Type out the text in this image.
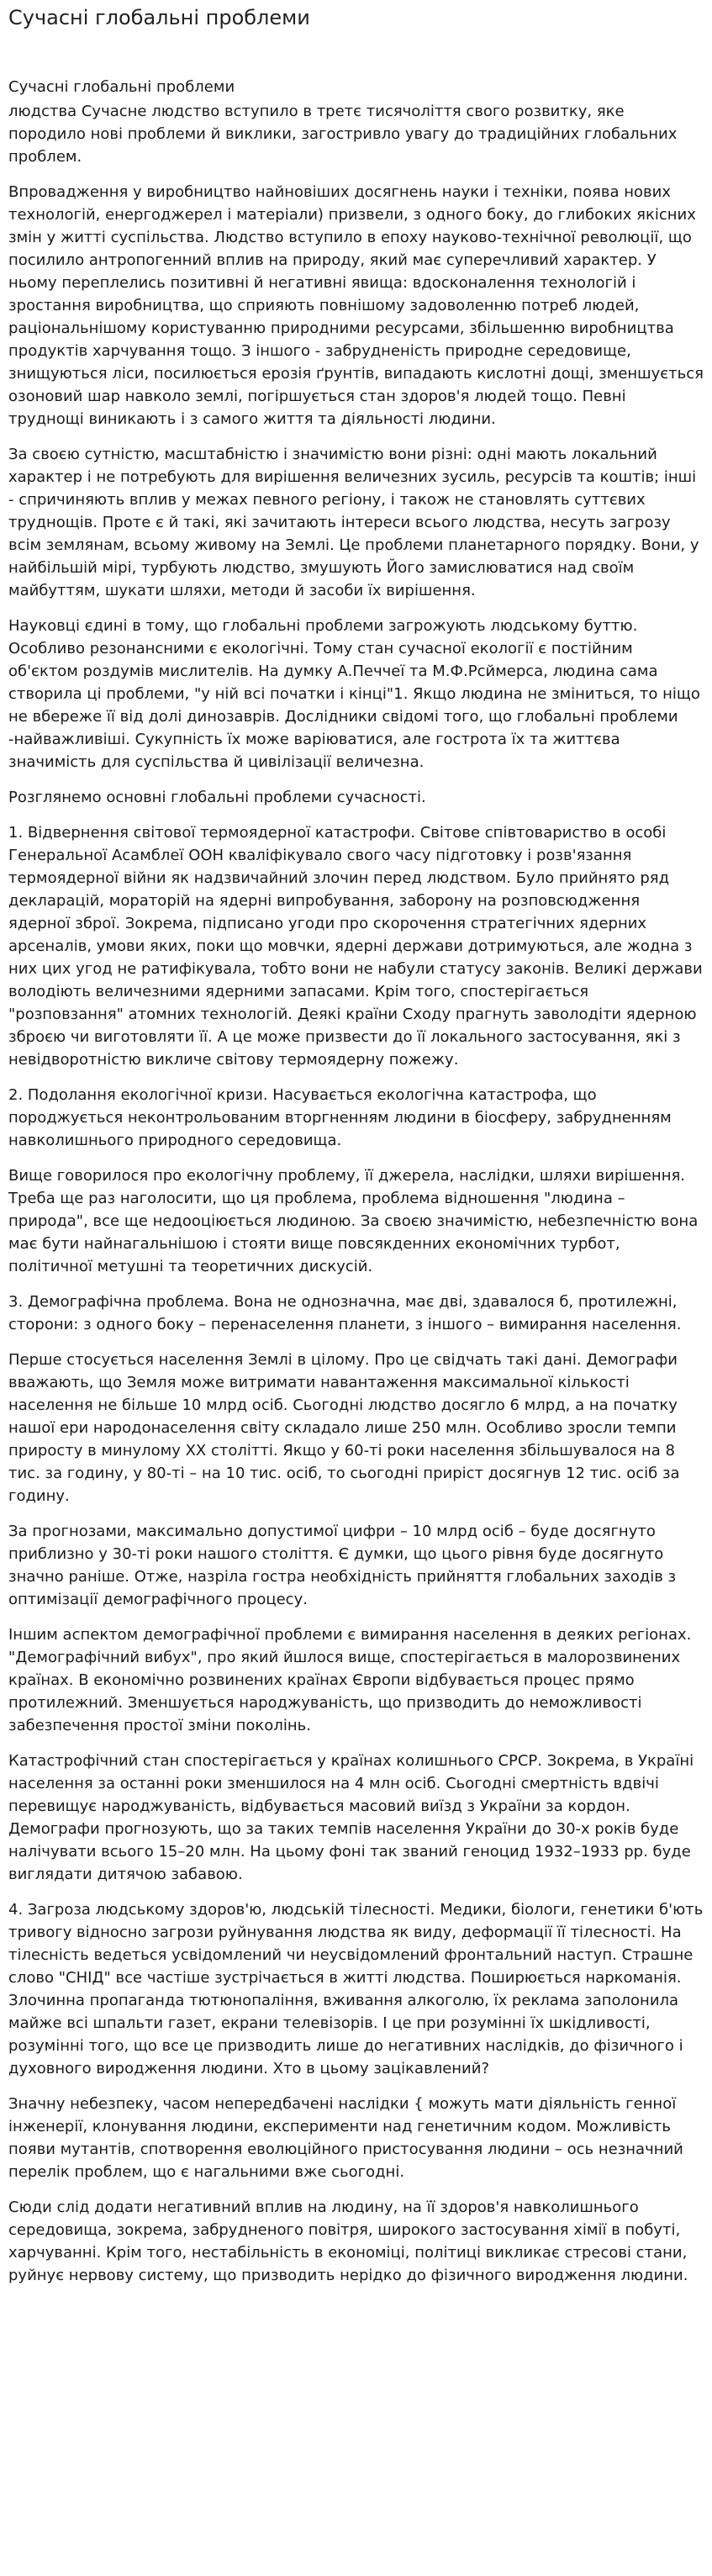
Сучасні глобальні проблеми
Сучасні глобальні проблеми

людства Сучасне людство вступило в третє тисячоліття свого розвитку, яке породило нові проблеми й виклики, загостривло увагу до традиційних глобальних проблем.

Впровадження у виробництво найновіших досягнень науки і техніки, поява нових технологій, енергоджерел і матеріали) призвели, з одного боку, до глибоких якісних змін у житті суспільства. Людство вступило в епоху науково-технічної революції, що посилило антропогенний вплив на природу, який має суперечливий характер. У ньому переплелись позитивні й негативні явища: вдосконалення технологій і зростання виробництва, що сприяють повнішому задоволенню потреб людей, раціональнішому користуванню природними ресурсами, збільшенню виробництва продуктів харчування тощо. З іншого - забрудненість природне середовище, знищуються ліси, посилюється ерозія ґрунтів, випадають кислотні дощі, зменшується озоновий шар навколо землі, погіршується стан здоров'я людей тощо. Певні труднощі виникають і з самого життя та діяльності людини.

За своєю сутністю, масштабністю і значимістю вони різні: одні мають локальний характер і не потребують для вирішення величезних зусиль, ресурсів та коштів; інші - спричиняють вплив у межах певного регіону, і також не становлять суттєвих труднощів. Проте є й такі, які зачитають інтереси всього людства, несуть загрозу всім землянам, всьому живому на Землі. Це проблеми планетарного порядку. Вони, у найбільшій мірі, турбують людство, змушують Його замислюватися над своїм майбуттям, шукати шляхи, методи й засоби їх вирішення.

Науковці єдині в тому, що глобальні проблеми загрожують людському буттю. Особливо резонансними є екологічні. Тому стан сучасної екології є постійним об'єктом роздумів мислителів. На думку А.Печчеї та М.Ф.Рсймерса, людина сама створила ці проблеми, "у ній всі початки і кінці"1. Якщо людина не зміниться, то ніщо не вбереже її від долі динозаврів. Дослідники свідомі того, що глобальні проблеми -найважливіші. Сукупність їх може варіюватися, але гострота їх та життєва значимість для суспільства й цивілізації величезна.

Розглянемо основні глобальні проблеми сучасності.

1. Відвернення світової термоядерної катастрофи. Світове співтовариство в особі Генеральної Асамблеї ООН кваліфікувало свого часу підготовку і розв'язання термоядерної війни як надзвичайний злочин перед людством. Було прийнято ряд декларацій, мораторій на ядерні випробування, заборону на розповсюдження ядерної зброї. Зокрема, підписано угоди про скорочення стратегічних ядерних арсеналів, умови яких, поки що мовчки, ядерні держави дотримуються, але жодна з них цих угод не ратифікувала, тобто вони не набули статусу законів. Великі держави володіють величезними ядерними запасами. Крім того, спостерігається "розповзання" атомних технологій. Деякі країни Сходу прагнуть заволодіти ядерною зброєю чи виготовляти її. А це може призвести до її локального застосування, які з невідворотністю викличе світову термоядерну пожежу.

2. Подолання екологічної кризи. Насувається екологічна катастрофа, що породжується неконтрольованим вторгненням людини в біосферу, забрудненням навколишнього природного середовища.

Вище говорилося про екологічну проблему, її джерела, наслідки, шляхи вирішення. Треба ще раз наголосити, що ця проблема, проблема відношення "людина – природа", все ще недооціюється людиною. За своєю значимістю, небезпечністю вона має бути найнагальнішою і стояти вище повсякденних економічних турбот, політичної метушні та теоретичних дискусій.

3. Демографічна проблема. Вона не однозначна, має дві, здавалося б, протилежні, сторони: з одного боку – перенаселення планети, з іншого – вимирання населення.

Перше стосується населення Землі в цілому. Про це свідчать такі дані. Демографи вважають, що Земля може витримати навантаження максимальної кількості населення не більше 10 млрд осіб. Сьогодні людство досягло 6 млрд, а на початку нашої ери народонаселення світу складало лише 250 млн. Особливо зросли темпи приросту в минулому ХХ столітті. Якщо у 60-ті роки населення збільшувалося на 8 тис. за годину, у 80-ті – на 10 тис. осіб, то сьогодні приріст досягнув 12 тис. осіб за годину.

За прогнозами, максимально допустимої цифри – 10 млрд осіб – буде досягнуто приблизно у 30-ті роки нашого століття. Є думки, що цього рівня буде досягнуто значно раніше. Отже, назріла гостра необхідність прийняття глобальних заходів з оптимізації демографічного процесу.

Іншим аспектом демографічної проблеми є вимирання населення в деяких регіонах. "Демографічний вибух", про який йшлося вище, спостерігається в малорозвинених країнах. В економічно розвинених країнах Європи відбувається процес прямо протилежний. Зменшується народжуваність, що призводить до неможливості забезпечення простої зміни поколінь.

Катастрофічний стан спостерігається у країнах колишнього СРСР. Зокрема, в Україні населення за останні роки зменшилося на 4 млн осіб. Сьогодні смертність вдвічі перевищує народжуваність, відбувається масовий виїзд з України за кордон. Демографи прогнозують, що за таких темпів населення України до 30-х років буде налічувати всього 15–20 млн. На цьому фоні так званий геноцид 1932–1933 рр. буде виглядати дитячою забавою.

4. Загроза людському здоров'ю, людській тілесності. Медики, біологи, генетики б'ють тривогу відносно загрози руйнування людства як виду, деформації її тілесності. На тілесність ведеться усвідомлений чи неусвідомлений фронтальний наступ. Страшне слово "СНІД" все частіше зустрічається в житті людства. Поширюється наркоманія. Злочинна пропаганда тютюнопаління, вживання алкоголю, їх реклама заполонила майже всі шпальти газет, екрани телевізорів. І це при розумінні їх шкідливості, розумінні того, що все це призводить лише до негативних наслідків, до фізичного і духовного виродження людини. Хто в цьому зацікавлений?

Значну небезпеку, часом непередбачені наслідки { можуть мати діяльність генної інженерії, клонування людини, експерименти над генетичним кодом. Можливість появи мутантів, спотворення еволюційного пристосування людини – ось незначний перелік проблем, що є нагальними вже сьогодні.

Сюди слід додати негативний вплив на людину, на її здоров'я навколишнього середовища, зокрема, забрудненого повітря, широкого застосування хімії в побуті, харчуванні. Крім того, нестабільність в економіці, політиці викликає стресові стани, руйнує нервову систему, що призводить нерідко до фізичного виродження людини.
